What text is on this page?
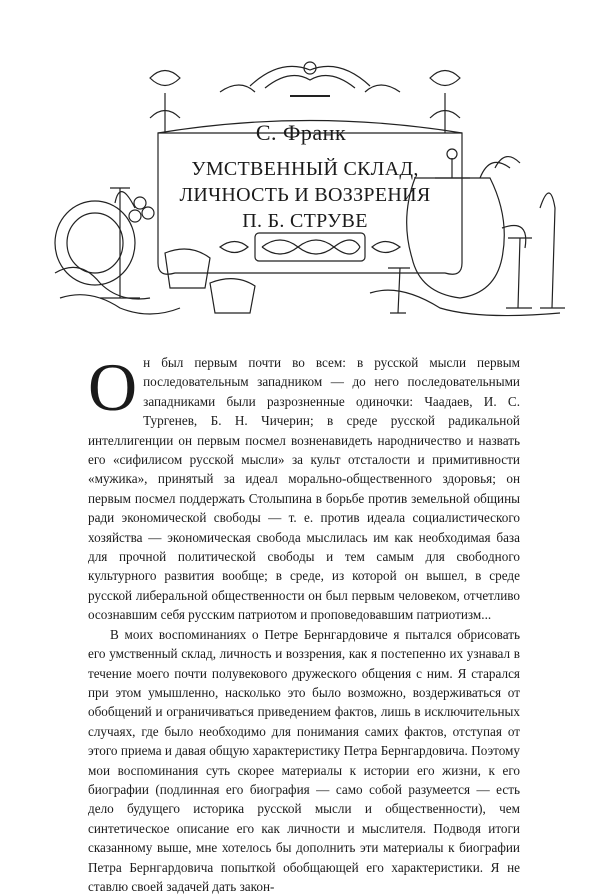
С. Франк
УМСТВЕННЫЙ СКЛАД,
ЛИЧНОСТЬ И ВОЗЗРЕНИЯ
П. Б. СТРУВЕ

Он был первым почти во всем: в русской мысли первым последовательным западником — до него последовательными западниками были разрозненные одиночки: Чаадаев, И. С. Тургенев, Б. Н. Чичерин; в среде русской радикальной интеллигенции он первым посмел возненавидеть народничество и назвать его «сифилисом русской мысли» за культ отсталости и примитивности «мужика», принятый за идеал морально-общественного здоровья; он первым посмел поддержать Столыпина в борьбе против земельной общины ради экономической свободы — т. е. против идеала социалистического хозяйства — экономическая свобода мыслилась им как необходимая база для прочной политической свободы и тем самым для свободного культурного развития вообще; в среде, из которой он вышел, в среде русской либеральной общественности он был первым человеком, отчетливо осознавшим себя русским патриотом и проповедовавшим патриотизм...

В моих воспоминаниях о Петре Бернгардовиче я пытался обрисовать его умственный склад, личность и воззрения, как я постепенно их узнавал в течение моего почти полувекового дружеского общения с ним. Я старался при этом умышленно, насколько это было возможно, воздерживаться от обобщений и ограничиваться приведением фактов, лишь в исключительных случаях, где было необходимо для понимания самих фактов, отступая от этого приема и давая общую характеристику Петра Бернгардовича. Поэтому мои воспоминания суть скорее материалы к истории его жизни, к его биографии (подлинная его биография — само собой разумеется — есть дело будущего историка русской мысли и общественности), чем синтетическое описание его как личности и мыслителя. Подводя итоги сказанному выше, мне хотелось бы дополнить эти материалы к биографии Петра Бернгардовича попыткой обобщающей его характеристики. Я не ставлю своей задачей дать закон-
